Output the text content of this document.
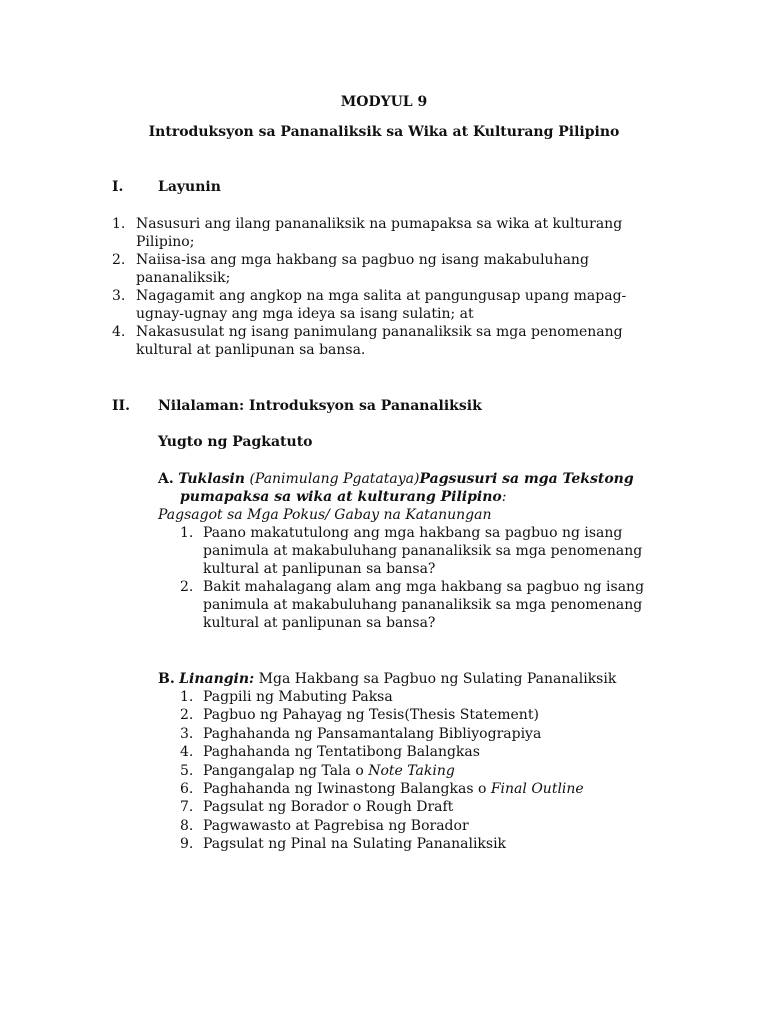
MODYUL 9
Introduksyon sa Pananaliksik sa Wika at Kulturang Pilipino
I. Layunin
1. Nasusuri ang ilang pananaliksik na pumapaksa sa wika at kulturang
Pilipino;
2. Naiisa-isa ang mga hakbang sa pagbuo ng isang makabuluhang
pananaliksik;
3. Nagagamit ang angkop na mga salita at pangungusap upang mapag-
ugnay-ugnay ang mga ideya sa isang sulatin; at
4. Nakasusulat ng isang panimulang pananaliksik sa mga penomenang
kultural at panlipunan sa bansa.
II. Nilalaman: Introduksyon sa Pananaliksik
Yugto ng Pagkatuto
A. Tuklasin (Panimulang Pgatataya)Pagsusuri sa mga Tekstong
pumapaksa sa wika at kulturang Pilipino:
Pagsagot sa Mga Pokus/ Gabay na Katanungan
1. Paano makatutulong ang mga hakbang sa pagbuo ng isang
panimula at makabuluhang pananaliksik sa mga penomenang
kultural at panlipunan sa bansa?
2. Bakit mahalagang alam ang mga hakbang sa pagbuo ng isang
panimula at makabuluhang pananaliksik sa mga penomenang
kultural at panlipunan sa bansa?
B. Linangin: Mga Hakbang sa Pagbuo ng Sulating Pananaliksik
1. Pagpili ng Mabuting Paksa
2. Pagbuo ng Pahayag ng Tesis(Thesis Statement)
3. Paghahanda ng Pansamantalang Bibliyograpiya
4. Paghahanda ng Tentatibong Balangkas
5. Pangangalap ng Tala o Note Taking
6. Paghahanda ng Iwinastong Balangkas o Final Outline
7. Pagsulat ng Borador o Rough Draft
8. Pagwawasto at Pagrebisa ng Borador
9. Pagsulat ng Pinal na Sulating Pananaliksik
